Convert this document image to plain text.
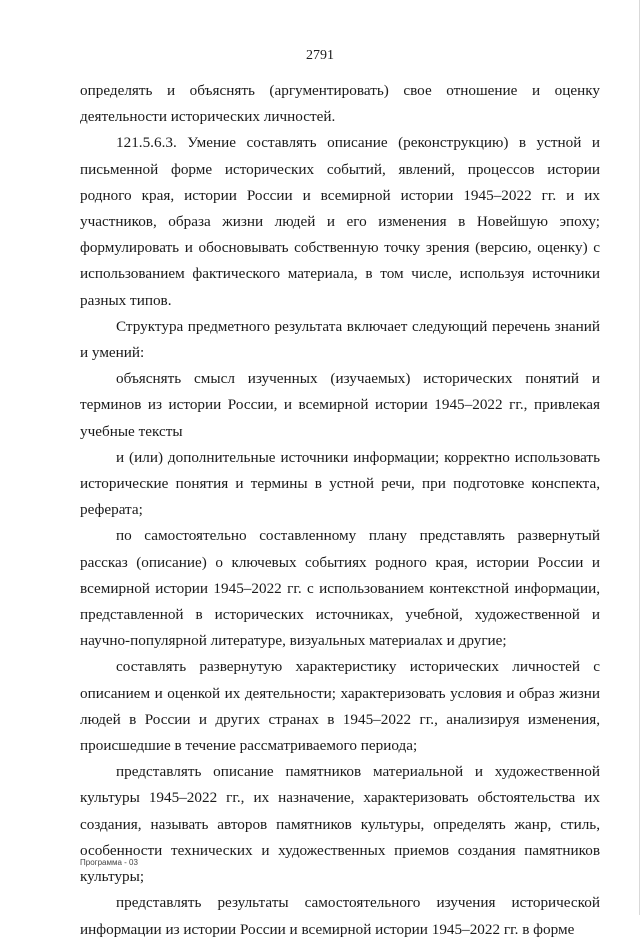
2791

определять и объяснять (аргументировать) свое отношение и оценку деятельности исторических личностей.

121.5.6.3. Умение составлять описание (реконструкцию) в устной и письменной форме исторических событий, явлений, процессов истории родного края, истории России и всемирной истории 1945–2022 гг. и их участников, образа жизни людей и его изменения в Новейшую эпоху; формулировать и обосновывать собственную точку зрения (версию, оценку) с использованием фактического материала, в том числе, используя источники разных типов.

Структура предметного результата включает следующий перечень знаний и умений:

объяснять смысл изученных (изучаемых) исторических понятий и терминов из истории России, и всемирной истории 1945–2022 гг., привлекая учебные тексты

и (или) дополнительные источники информации; корректно использовать исторические понятия и термины в устной речи, при подготовке конспекта, реферата;

по самостоятельно составленному плану представлять развернутый рассказ (описание) о ключевых событиях родного края, истории России и всемирной истории 1945–2022 гг. с использованием контекстной информации, представленной в исторических источниках, учебной, художественной и научно-популярной литературе, визуальных материалах и другие;

составлять развернутую характеристику исторических личностей с описанием и оценкой их деятельности; характеризовать условия и образ жизни людей в России и других странах в 1945–2022 гг., анализируя изменения, происшедшие в течение рассматриваемого периода;

представлять описание памятников материальной и художественной культуры 1945–2022 гг., их назначение, характеризовать обстоятельства их создания, называть авторов памятников культуры, определять жанр, стиль, особенности технических и художественных приемов создания памятников культуры;

представлять результаты самостоятельного изучения исторической информации из истории России и всемирной истории 1945–2022 гг. в форме

Программа - 03
